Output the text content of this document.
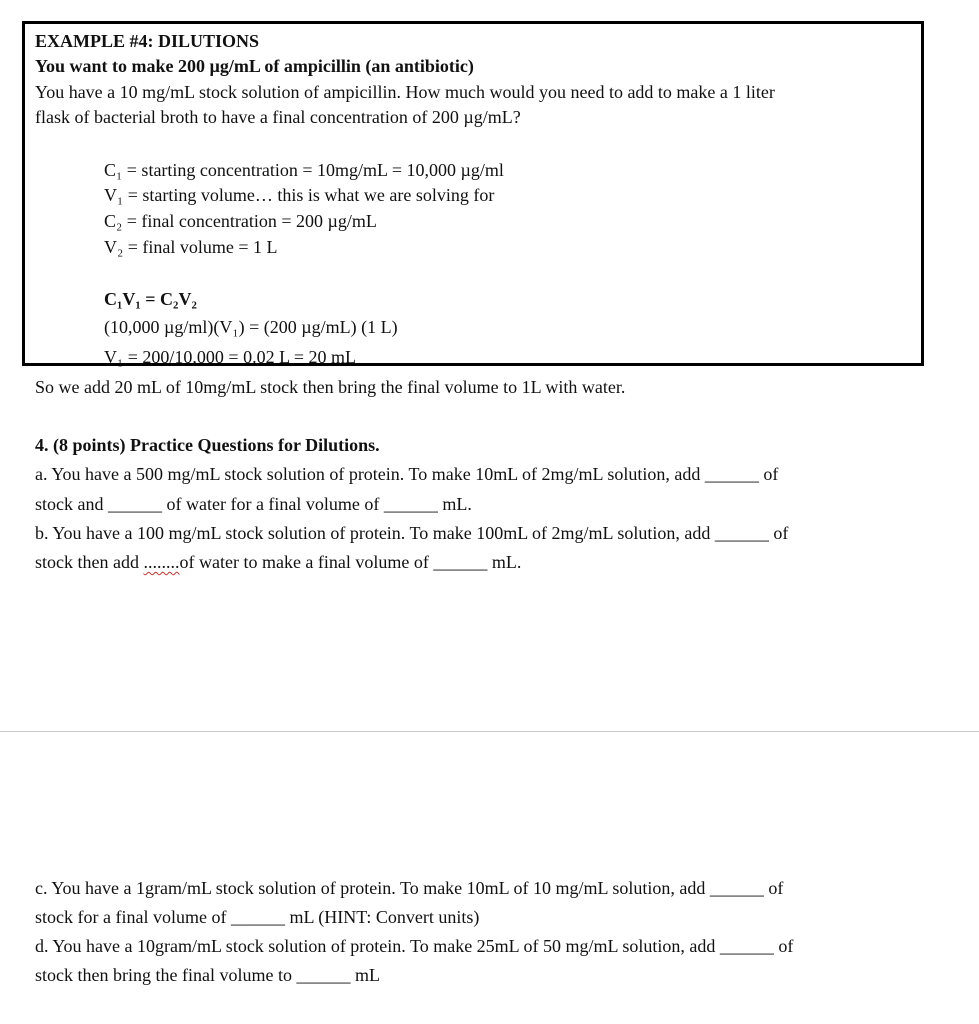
EXAMPLE #4: DILUTIONS
You want to make 200 µg/mL of ampicillin (an antibiotic)
You have a 10 mg/mL stock solution of ampicillin. How much would you need to add to make a 1 liter
flask of bacterial broth to have a final concentration of 200 µg/mL?
C₁ = starting concentration = 10mg/mL = 10,000 µg/ml
V₁ = starting volume… this is what we are solving for
C₂ = final concentration = 200 µg/mL
V₂ = final volume = 1 L
C₁V₁ = C₂V₂
(10,000 µg/ml)(V₁) = (200 µg/mL) (1 L)
V₁ = 200/10,000 = 0.02 L = 20 mL
So we add 20 mL of 10mg/mL stock then bring the final volume to 1L with water.
4. (8 points) Practice Questions for Dilutions.
a. You have a 500 mg/mL stock solution of protein. To make 10mL of 2mg/mL solution, add ______ of
stock and ______ of water for a final volume of ______ mL.
b. You have a 100 mg/mL stock solution of protein. To make 100mL of 2mg/mL solution, add ______ of
stock then add ........of water to make a final volume of ______ mL.
c. You have a 1gram/mL stock solution of protein. To make 10mL of 10 mg/mL solution, add ______ of
stock for a final volume of ______ mL (HINT: Convert units)
d. You have a 10gram/mL stock solution of protein. To make 25mL of 50 mg/mL solution, add ______ of
stock then bring the final volume to ______ mL
